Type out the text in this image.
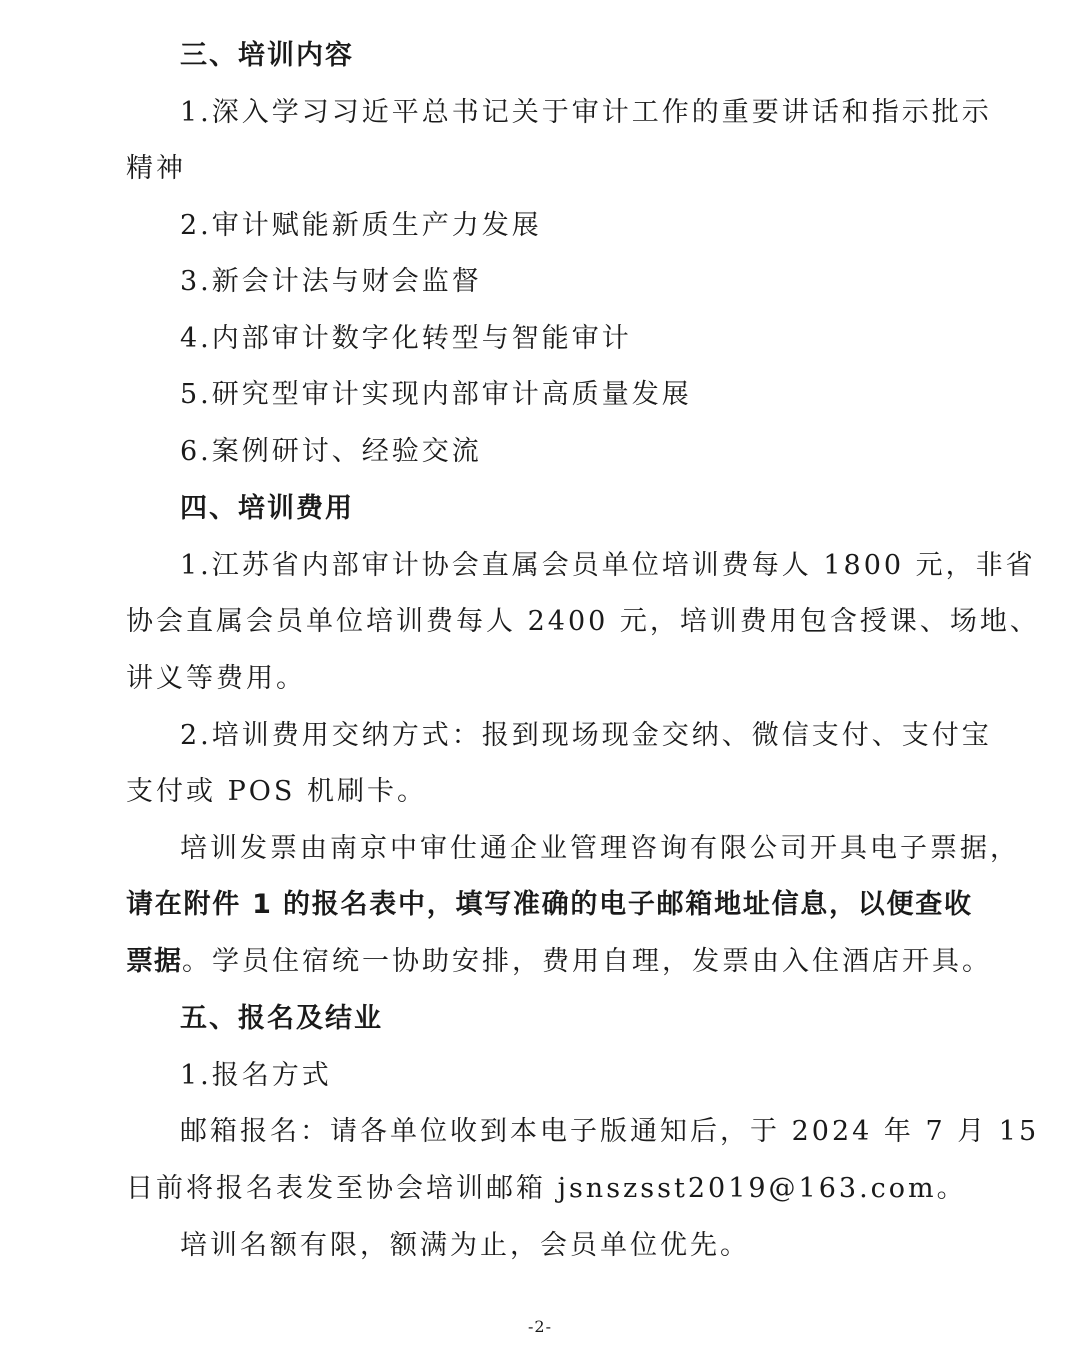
三、培训内容
1.深入学习习近平总书记关于审计工作的重要讲话和指示批示
精神
2.审计赋能新质生产力发展
3.新会计法与财会监督
4.内部审计数字化转型与智能审计
5.研究型审计实现内部审计高质量发展
6.案例研讨、经验交流
四、培训费用
1.江苏省内部审计协会直属会员单位培训费每人 1800 元，非省
协会直属会员单位培训费每人 2400 元，培训费用包含授课、场地、
讲义等费用。
2.培训费用交纳方式：报到现场现金交纳、微信支付、支付宝
支付或 POS 机刷卡。
培训发票由南京中审仕通企业管理咨询有限公司开具电子票据，
请在附件 1 的报名表中，填写准确的电子邮箱地址信息，以便查收
票据。学员住宿统一协助安排，费用自理，发票由入住酒店开具。
五、报名及结业
1.报名方式
邮箱报名：请各单位收到本电子版通知后，于 2024 年 7 月 15
日前将报名表发至协会培训邮箱 jsnszsst2019@163.com。
培训名额有限，额满为止，会员单位优先。
-2-
